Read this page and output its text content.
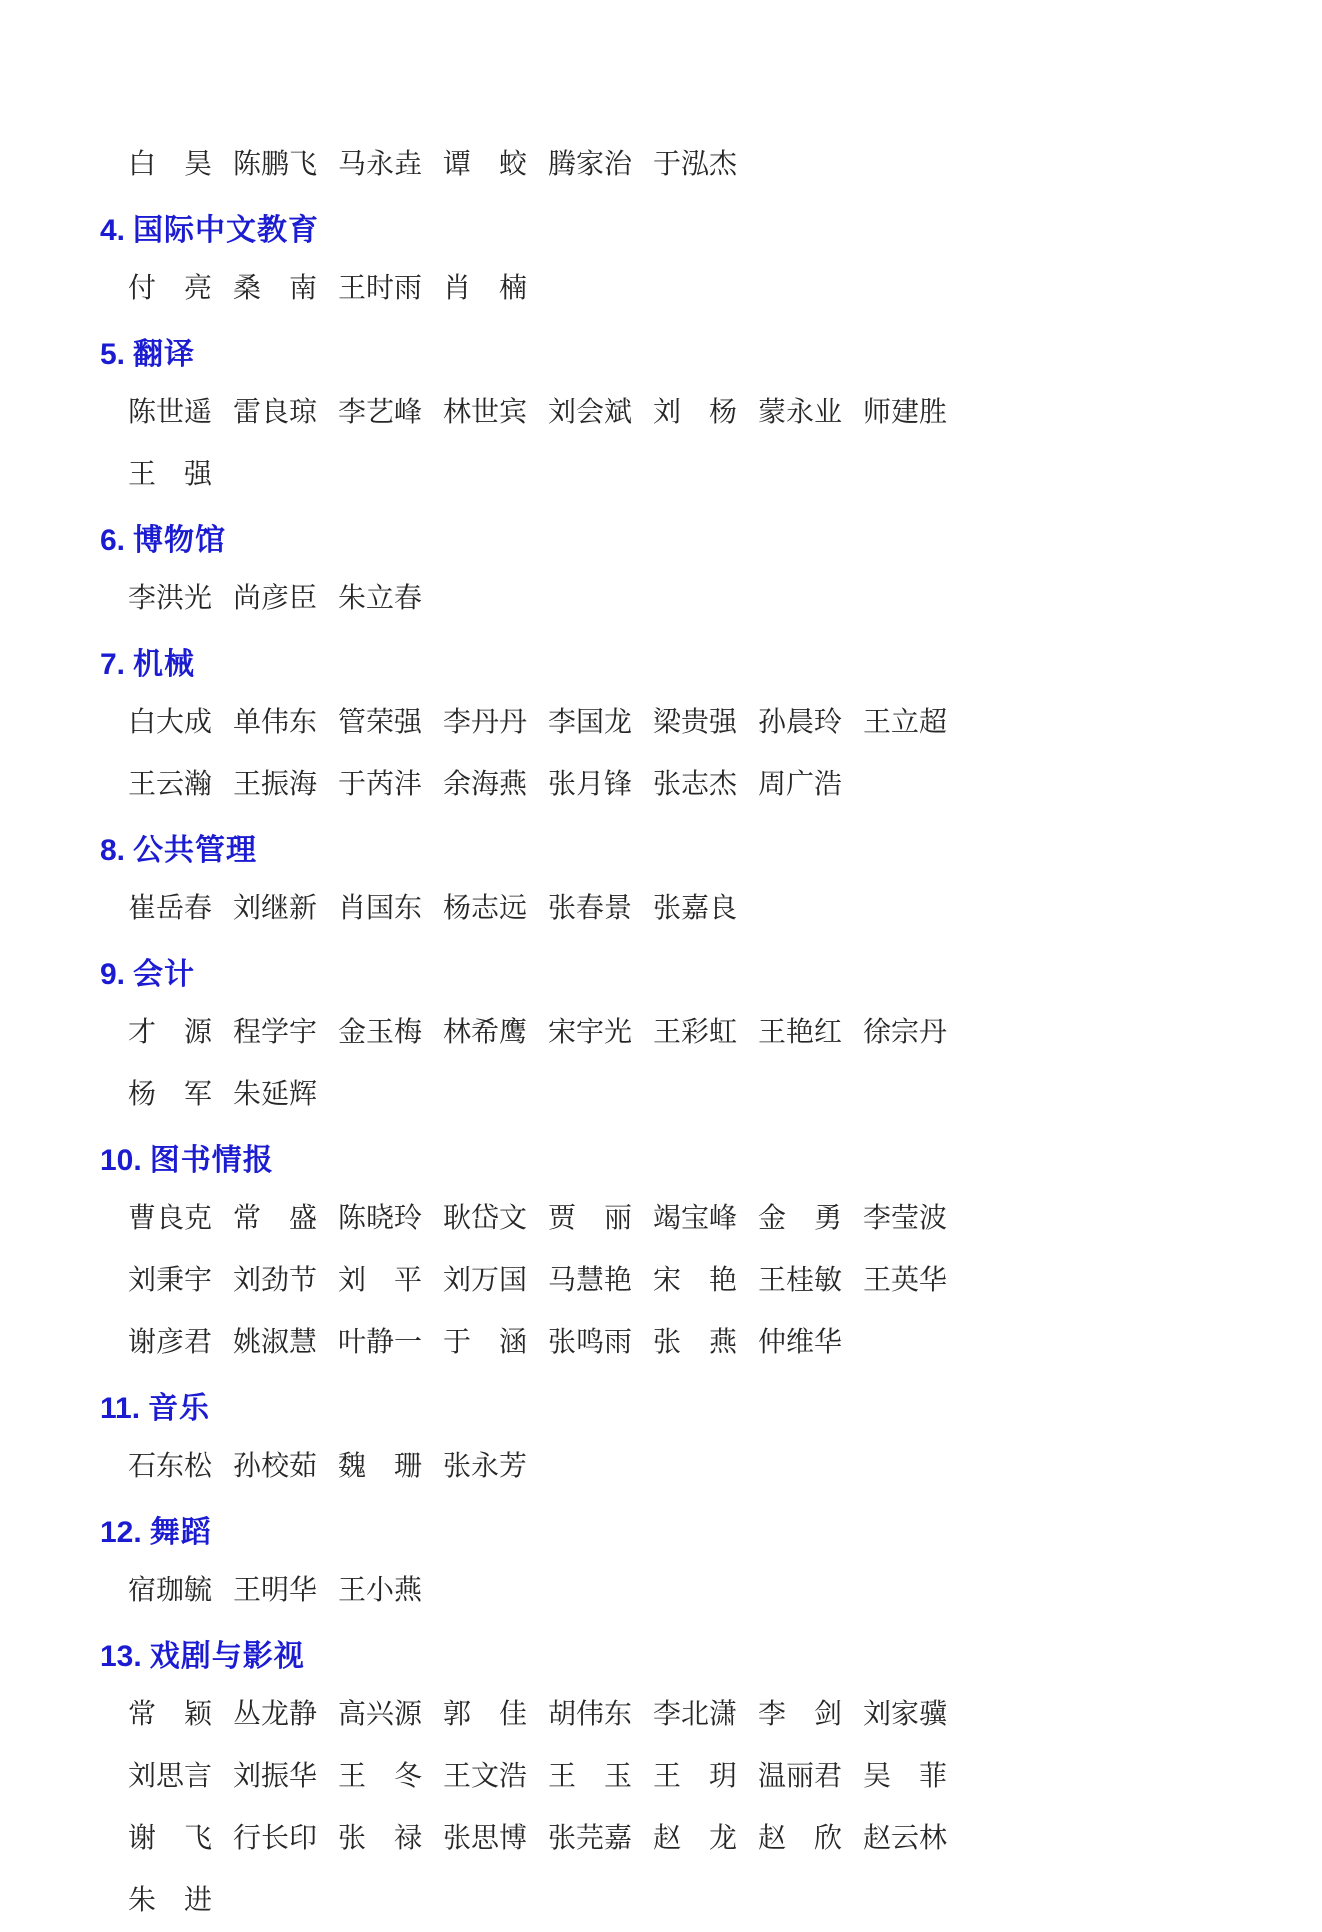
白昊 陈鹏飞 马永垚 谭蛟 腾家治 于泓杰
4. 国际中文教育
付亮 桑南 王时雨 肖楠
5. 翻译
陈世遥 雷良琼 李艺峰 林世宾 刘会斌 刘杨 蒙永业 师建胜
王强
6. 博物馆
李洪光 尚彦臣 朱立春
7. 机械
白大成 单伟东 管荣强 李丹丹 李国龙 梁贵强 孙晨玲 王立超
王云瀚 王振海 于芮沣 余海燕 张月锋 张志杰 周广浩
8. 公共管理
崔岳春 刘继新 肖国东 杨志远 张春景 张嘉良
9. 会计
才源 程学宇 金玉梅 林希鹰 宋宇光 王彩虹 王艳红 徐宗丹
杨军 朱延辉
10. 图书情报
曹良克 常盛 陈晓玲 耿岱文 贾丽 竭宝峰 金勇 李莹波
刘秉宇 刘劲节 刘平 刘万国 马慧艳 宋艳 王桂敏 王英华
谢彦君 姚淑慧 叶静一 于涵 张鸣雨 张燕 仲维华
11. 音乐
石东松 孙校茹 魏珊 张永芳
12. 舞蹈
宿珈毓 王明华 王小燕
13. 戏剧与影视
常颖 丛龙静 高兴源 郭佳 胡伟东 李北潇 李剑 刘家骥
刘思言 刘振华 王冬 王文浩 王玉 王玥 温丽君 吴菲
谢飞 行长印 张禄 张思博 张芫嘉 赵龙 赵欣 赵云林
朱进
